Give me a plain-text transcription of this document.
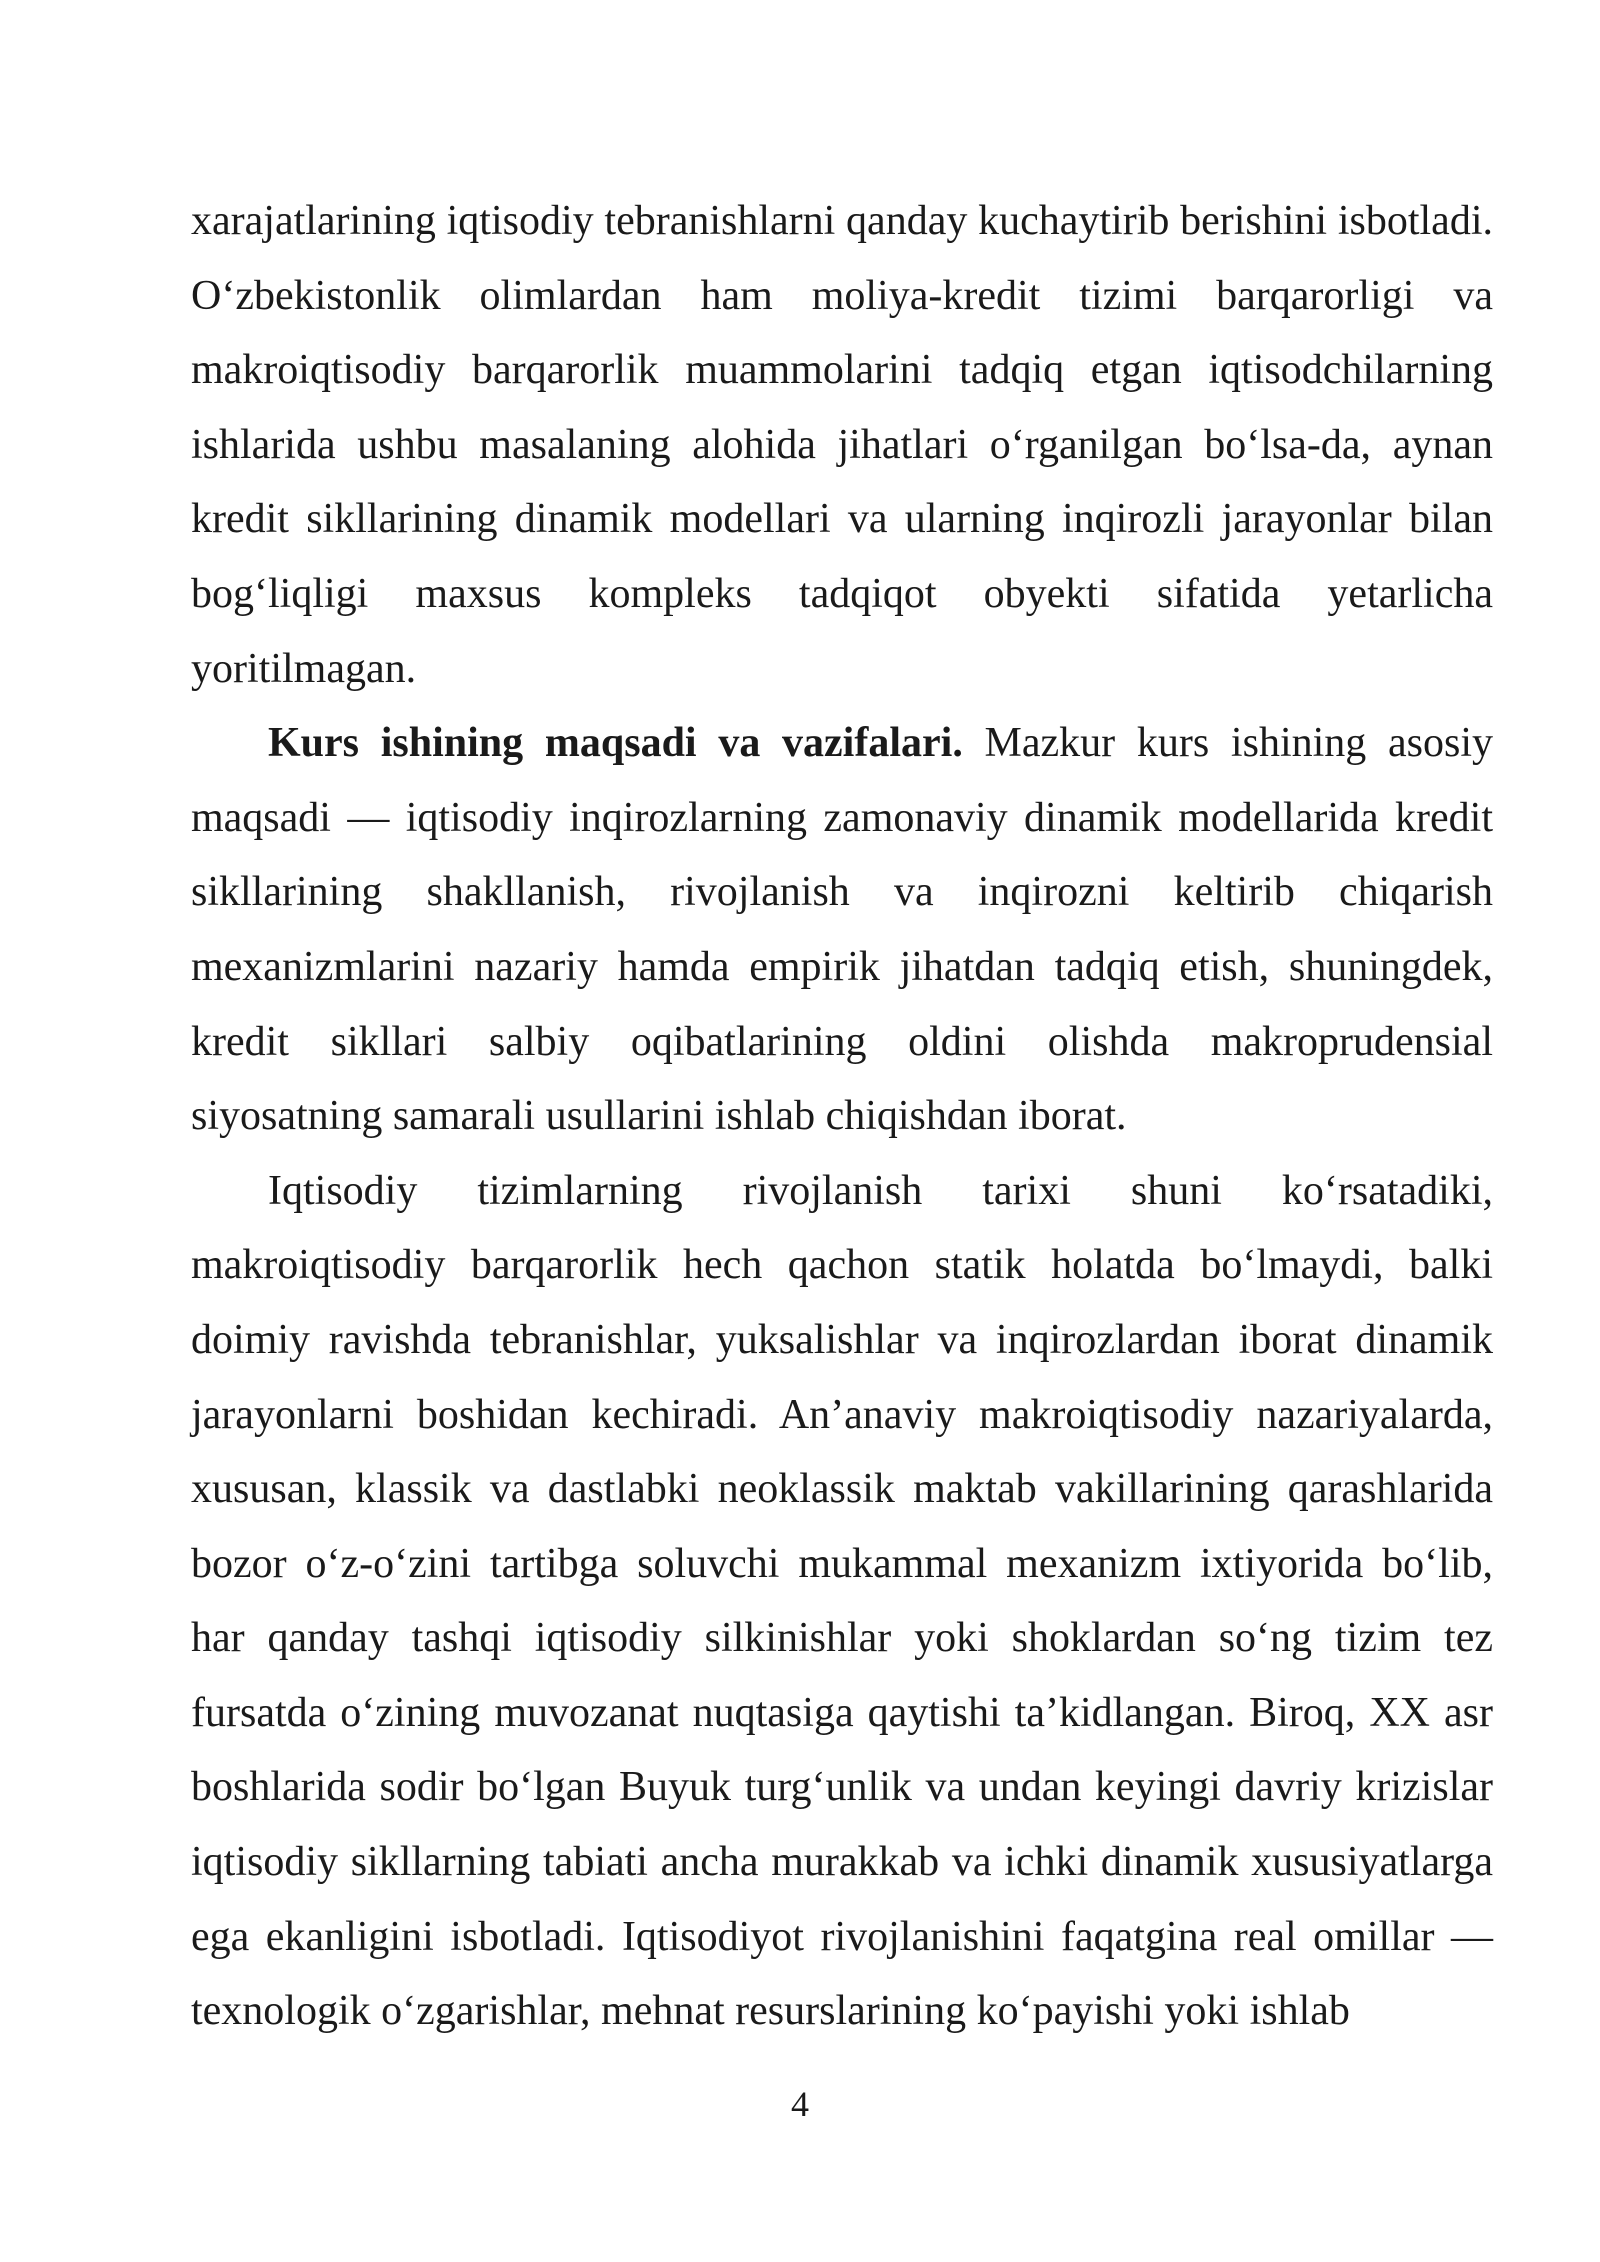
xarajatlarining iqtisodiy tebranishlarni qanday kuchaytirib berishini isbotladi. O‘zbekistonlik olimlardan ham moliya-kredit tizimi barqarorligi va makroiqtisodiy barqarorlik muammolarini tadqiq etgan iqtisodchilarning ishlarida ushbu masalaning alohida jihatlari o‘rganilgan bo‘lsa-da, aynan kredit sikllarining dinamik modellari va ularning inqirozli jarayonlar bilan bog‘liqligi maxsus kompleks tadqiqot obyekti sifatida yetarlicha yoritilmagan.

Kurs ishining maqsadi va vazifalari. Mazkur kurs ishining asosiy maqsadi — iqtisodiy inqirozlarning zamonaviy dinamik modellarida kredit sikllarining shakllanish, rivojlanish va inqirozni keltirib chiqarish mexanizmlarini nazariy hamda empirik jihatdan tadqiq etish, shuningdek, kredit sikllari salbiy oqibatlarining oldini olishda makroprudensial siyosatning samarali usullarini ishlab chiqishdan iborat.

Iqtisodiy tizimlarning rivojlanish tarixi shuni ko‘rsatadiki, makroiqtisodiy barqarorlik hech qachon statik holatda bo‘lmaydi, balki doimiy ravishda tebranishlar, yuksalishlar va inqirozlardan iborat dinamik jarayonlarni boshidan kechiradi. An’anaviy makroiqtisodiy nazariyalarda, xususan, klassik va dastlabki neoklassik maktab vakillarining qarashlarida bozor o‘z-o‘zini tartibga soluvchi mukammal mexanizm ixtiyorida bo‘lib, har qanday tashqi iqtisodiy silkinishlar yoki shoklardan so‘ng tizim tez fursatda o‘zining muvozanat nuqtasiga qaytishi ta’kidlangan. Biroq, XX asr boshlarida sodir bo‘lgan Buyuk turg‘unlik va undan keyingi davriy krizislar iqtisodiy sikllarning tabiati ancha murakkab va ichki dinamik xususiyatlarga ega ekanligini isbotladi. Iqtisodiyot rivojlanishini faqatgina real omillar — texnologik o‘zgarishlar, mehnat resurslarining ko‘payishi yoki ishlab

4
